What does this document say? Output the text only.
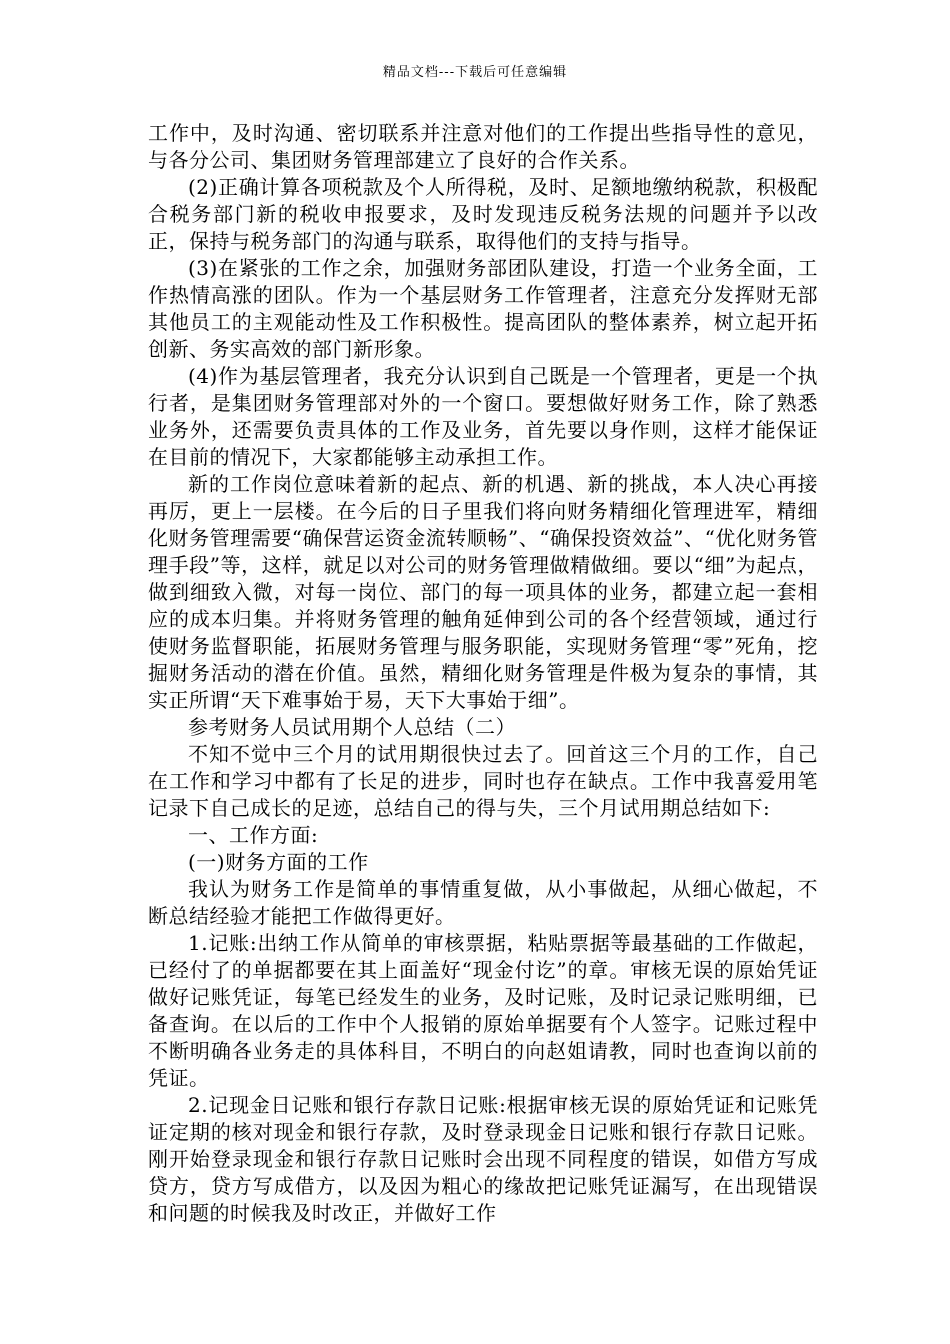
精品文档---下载后可任意编辑

工作中，及时沟通、密切联系并注意对他们的工作提出些指导性的意见，与各分公司、集团财务管理部建立了良好的合作关系。

(2)正确计算各项税款及个人所得税，及时、足额地缴纳税款，积极配合税务部门新的税收申报要求，及时发现违反税务法规的问题并予以改正，保持与税务部门的沟通与联系，取得他们的支持与指导。

(3)在紧张的工作之余，加强财务部团队建设，打造一个业务全面，工作热情高涨的团队。作为一个基层财务工作管理者，注意充分发挥财无部其他员工的主观能动性及工作积极性。提高团队的整体素养，树立起开拓创新、务实高效的部门新形象。

(4)作为基层管理者，我充分认识到自己既是一个管理者，更是一个执行者，是集团财务管理部对外的一个窗口。要想做好财务工作，除了熟悉业务外，还需要负责具体的工作及业务，首先要以身作则，这样才能保证在目前的情况下，大家都能够主动承担工作。

新的工作岗位意味着新的起点、新的机遇、新的挑战，本人决心再接再厉，更上一层楼。在今后的日子里我们将向财务精细化管理进军，精细化财务管理需要“确保营运资金流转顺畅”、“确保投资效益”、“优化财务管理手段”等，这样，就足以对公司的财务管理做精做细。要以“细”为起点，做到细致入微，对每一岗位、部门的每一项具体的业务，都建立起一套相应的成本归集。并将财务管理的触角延伸到公司的各个经营领域，通过行使财务监督职能，拓展财务管理与服务职能，实现财务管理“零”死角，挖掘财务活动的潜在价值。虽然，精细化财务管理是件极为复杂的事情，其实正所谓“天下难事始于易，天下大事始于细”。

参考财务人员试用期个人总结（二）

不知不觉中三个月的试用期很快过去了。回首这三个月的工作，自己在工作和学习中都有了长足的进步，同时也存在缺点。工作中我喜爱用笔记录下自己成长的足迹，总结自己的得与失，三个月试用期总结如下:

一、工作方面:

(一)财务方面的工作

我认为财务工作是简单的事情重复做，从小事做起，从细心做起，不断总结经验才能把工作做得更好。

1.记账:出纳工作从简单的审核票据，粘贴票据等最基础的工作做起，已经付了的单据都要在其上面盖好“现金付讫”的章。审核无误的原始凭证做好记账凭证，每笔已经发生的业务，及时记账，及时记录记账明细，已备查询。在以后的工作中个人报销的原始单据要有个人签字。记账过程中不断明确各业务走的具体科目，不明白的向赵姐请教，同时也查询以前的凭证。

2.记现金日记账和银行存款日记账:根据审核无误的原始凭证和记账凭证定期的核对现金和银行存款，及时登录现金日记账和银行存款日记账。刚开始登录现金和银行存款日记账时会出现不同程度的错误，如借方写成贷方，贷方写成借方，以及因为粗心的缘故把记账凭证漏写，在出现错误和问题的时候我及时改正，并做好工作
